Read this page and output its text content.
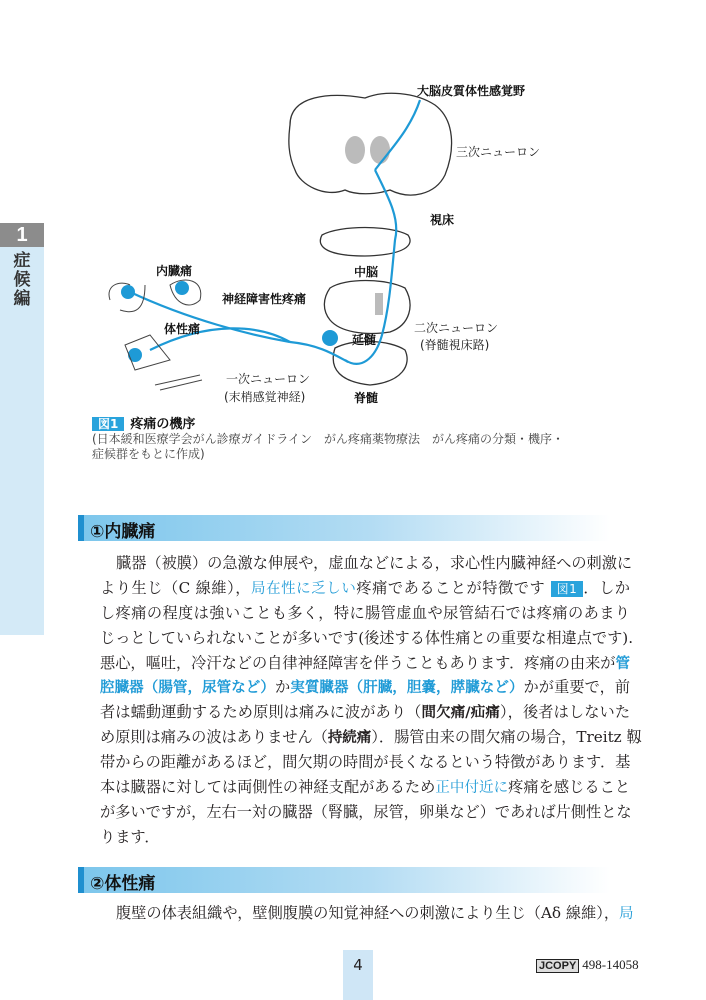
1
症
候
編
大脳皮質体性感覚野
三次ニューロン
視床
中脳
内臓痛
神経障害性疼痛
延髄
二次ニューロン
(脊髄視床路)
体性痛
一次ニューロン
(末梢感覚神経)	脊髄
図1 疼痛の機序
(日本緩和医療学会がん診療ガイドライン　がん疼痛薬物療法　がん疼痛の分類・機序・症候群をもとに作成)
①内臓痛
臓器（被膜）の急激な伸展や，虚血などによる，求心性内臓神経への刺激に
より生じ（C 線維），局在性に乏しい疼痛であることが特徴です 図1 ．しか
し疼痛の程度は強いことも多く，特に腸管虚血や尿管結石では疼痛のあまり
じっとしていられないことが多いです(後述する体性痛との重要な相違点です).
悪心，嘔吐，冷汗などの自律神経障害を伴うこともあります．疼痛の由来が管
腔臓器（腸管，尿管など）か実質臓器（肝臓，胆嚢，膵臓など）かが重要で，前
者は蠕動運動するため原則は痛みに波があり（間欠痛/疝痛），後者はしないた
め原則は痛みの波はありません（持続痛）．腸管由来の間欠痛の場合，Treitz 靱
帯からの距離があるほど，間欠期の時間が長くなるという特徴があります．基
本は臓器に対しては両側性の神経支配があるため正中付近に疼痛を感じること
が多いですが，左右一対の臓器（腎臓，尿管，卵巣など）であれば片側性とな
ります．
②体性痛
腹壁の体表組織や，壁側腹膜の知覚神経への刺激により生じ（Aδ 線維），局
4	JCOPY 498-14058
